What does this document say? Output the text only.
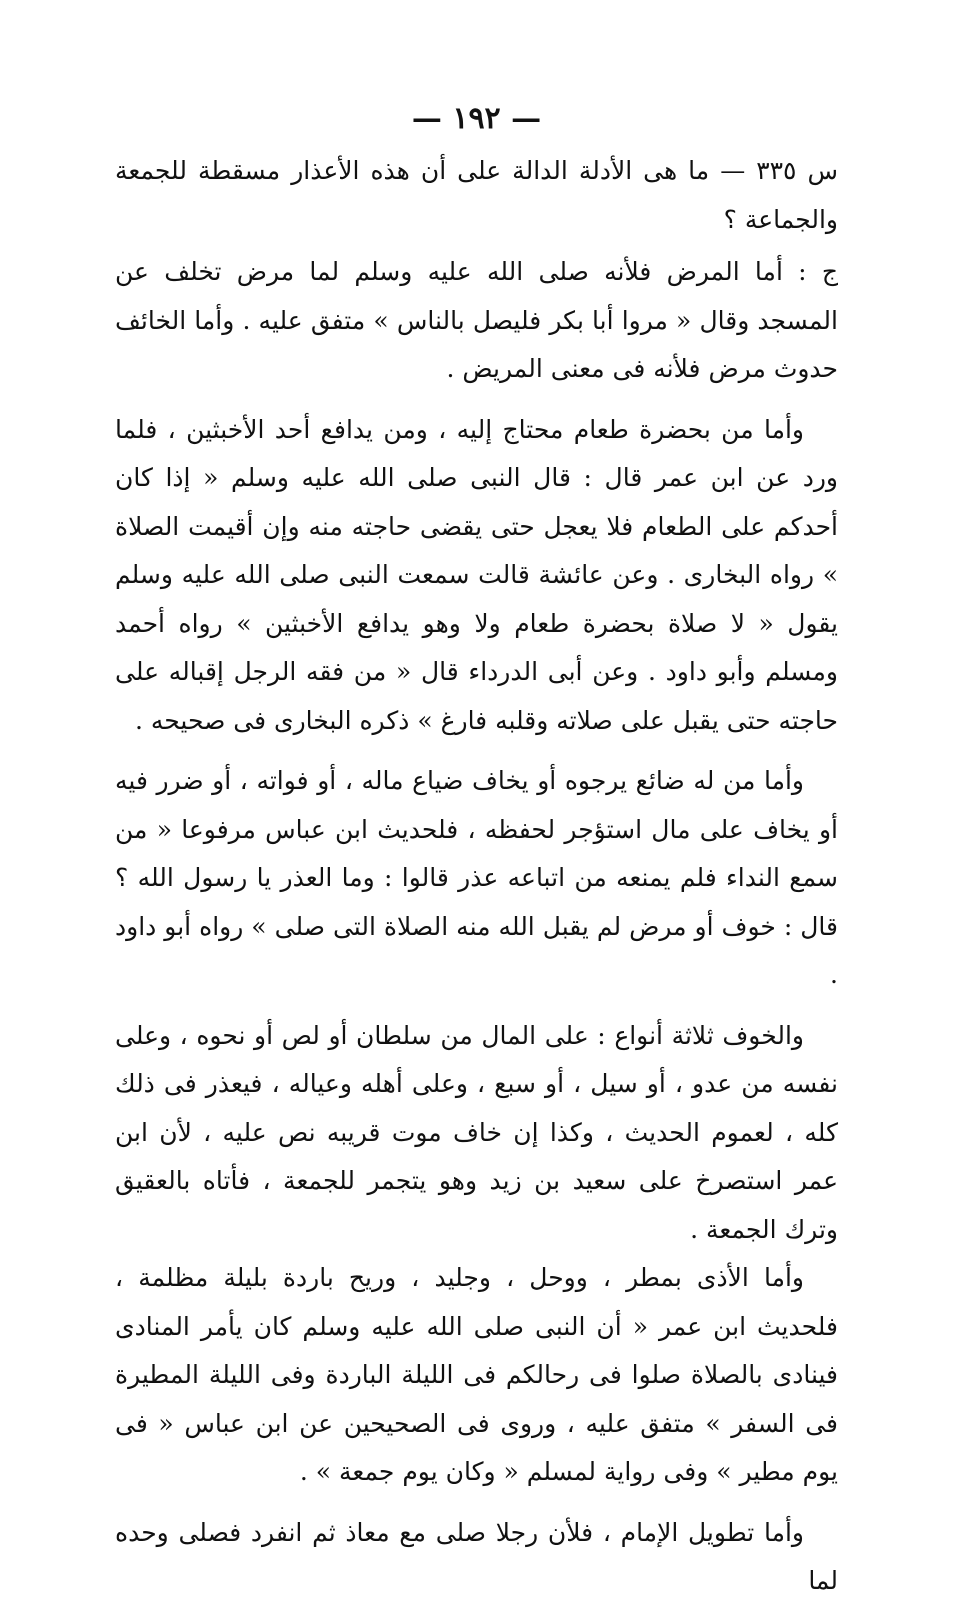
— ١٩٢ —

س ٣٣٥ — ما هى الأدلة الدالة على أن هذه الأعذار مسقطة للجمعة والجماعة ؟

ج : أما المرض فلأنه صلى الله عليه وسلم لما مرض تخلف عن المسجد وقال « مروا أبا بكر فليصل بالناس » متفق عليه . وأما الخائف حدوث مرض فلأنه فى معنى المريض .

وأما من بحضرة طعام محتاج إليه ، ومن يدافع أحد الأخبثين ، فلما ورد عن ابن عمر قال : قال النبى صلى الله عليه وسلم « إذا كان أحدكم على الطعام فلا يعجل حتى يقضى حاجته منه وإن أقيمت الصلاة » رواه البخارى . وعن عائشة قالت سمعت النبى صلى الله عليه وسلم يقول « لا صلاة بحضرة طعام ولا وهو يدافع الأخبثين » رواه أحمد ومسلم وأبو داود . وعن أبى الدرداء قال « من فقه الرجل إقباله على حاجته حتى يقبل على صلاته وقلبه فارغ » ذكره البخارى فى صحيحه .

وأما من له ضائع يرجوه أو يخاف ضياع ماله ، أو فواته ، أو ضرر فيه أو يخاف على مال استؤجر لحفظه ، فلحديث ابن عباس مرفوعا « من سمع النداء فلم يمنعه من اتباعه عذر قالوا : وما العذر يا رسول الله ؟ قال : خوف أو مرض لم يقبل الله منه الصلاة التى صلى » رواه أبو داود .

والخوف ثلاثة أنواع : على المال من سلطان أو لص أو نحوه ، وعلى نفسه من عدو ، أو سيل ، أو سبع ، وعلى أهله وعياله ، فيعذر فى ذلك كله ، لعموم الحديث ، وكذا إن خاف موت قريبه نص عليه ، لأن ابن عمر استصرخ على سعيد بن زيد وهو يتجمر للجمعة ، فأتاه بالعقيق وترك الجمعة .

وأما الأذى بمطر ، ووحل ، وجليد ، وريح باردة بليلة مظلمة ، فلحديث ابن عمر « أن النبى صلى الله عليه وسلم كان يأمر المنادى فينادى بالصلاة صلوا فى رحالكم فى الليلة الباردة وفى الليلة المطيرة فى السفر » متفق عليه ، وروى فى الصحيحين عن ابن عباس « فى يوم مطير » وفى رواية لمسلم « وكان يوم جمعة » .

وأما تطويل الإمام ، فلأن رجلا صلى مع معاذ ثم انفرد فصلى وحده لما
